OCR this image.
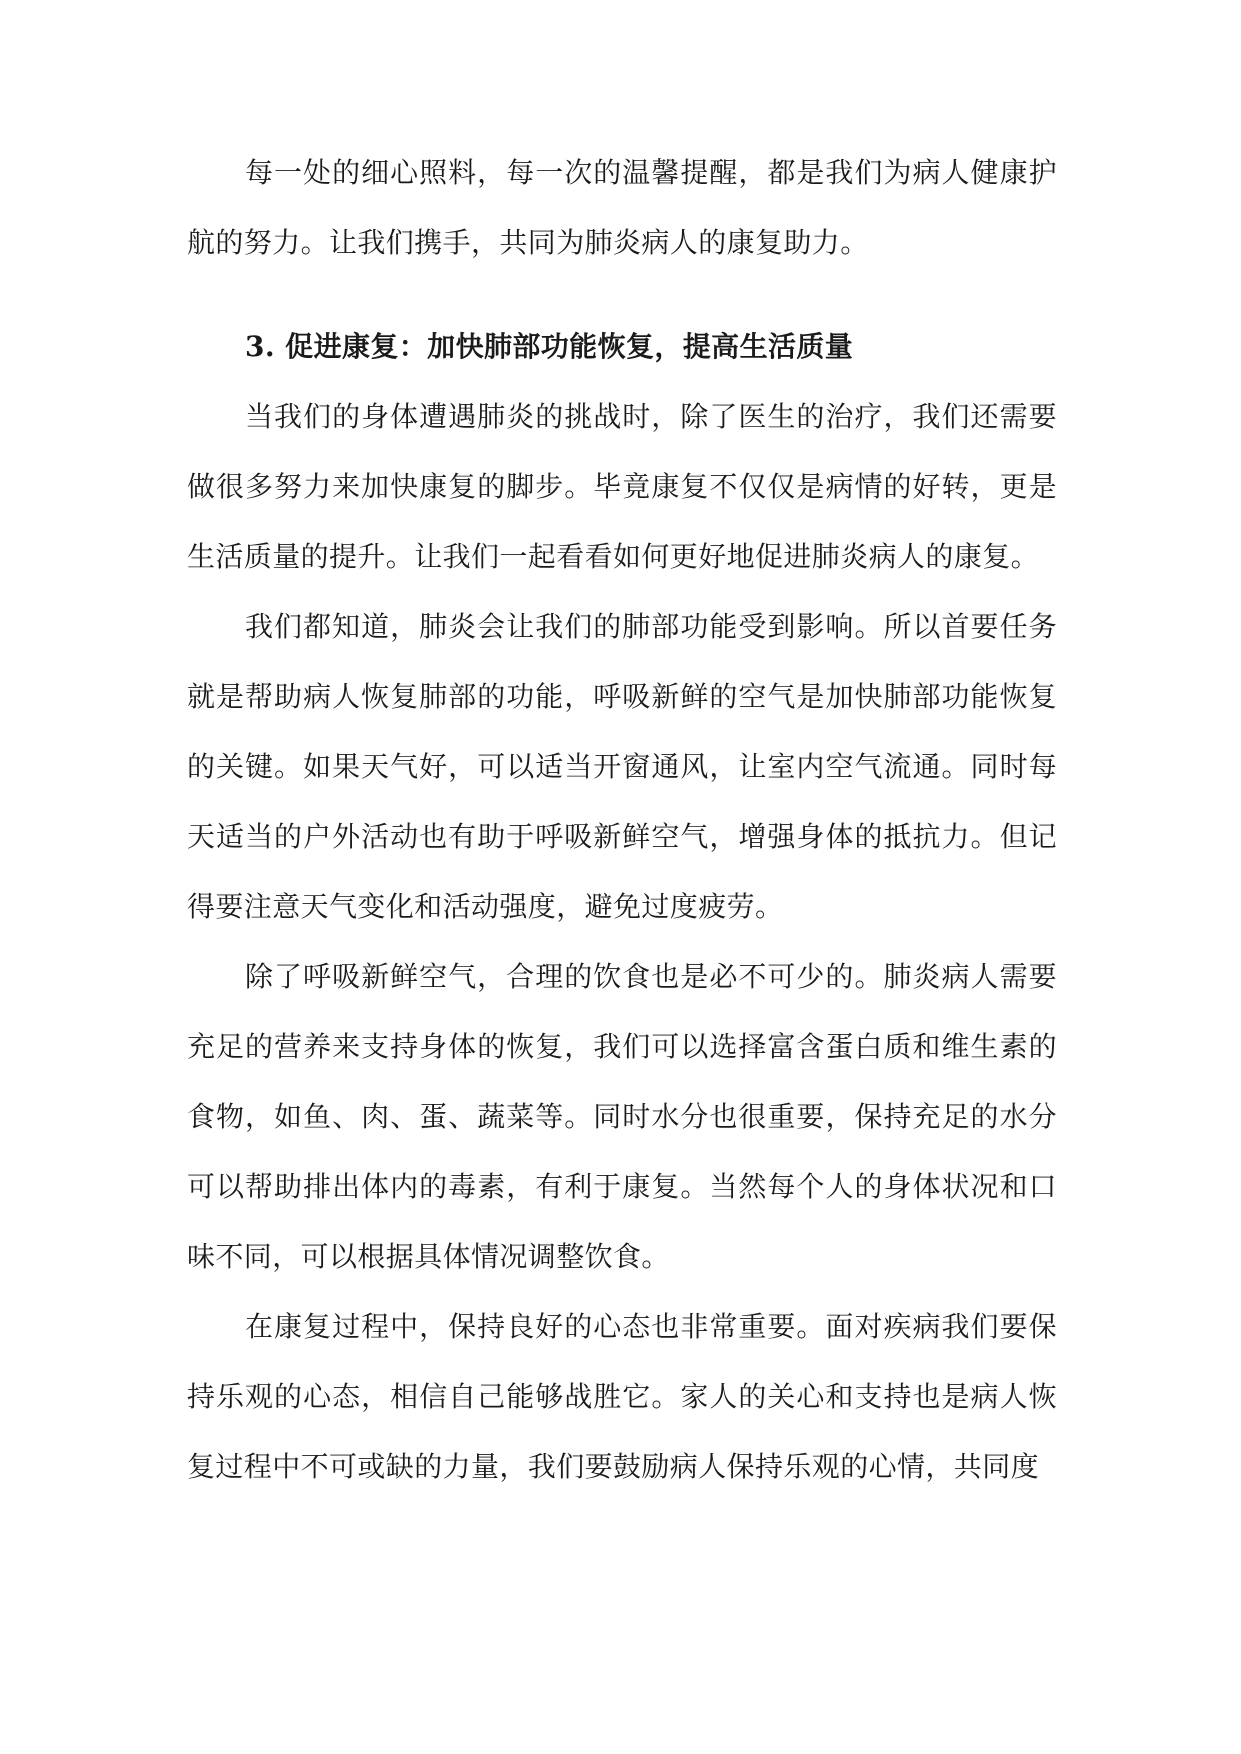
每一处的细心照料，每一次的温馨提醒，都是我们为病人健康护航的努力。让我们携手，共同为肺炎病人的康复助力。

3. 促进康复：加快肺部功能恢复，提高生活质量

当我们的身体遭遇肺炎的挑战时，除了医生的治疗，我们还需要做很多努力来加快康复的脚步。毕竟康复不仅仅是病情的好转，更是生活质量的提升。让我们一起看看如何更好地促进肺炎病人的康复。

我们都知道，肺炎会让我们的肺部功能受到影响。所以首要任务就是帮助病人恢复肺部的功能，呼吸新鲜的空气是加快肺部功能恢复的关键。如果天气好，可以适当开窗通风，让室内空气流通。同时每天适当的户外活动也有助于呼吸新鲜空气，增强身体的抵抗力。但记得要注意天气变化和活动强度，避免过度疲劳。

除了呼吸新鲜空气，合理的饮食也是必不可少的。肺炎病人需要充足的营养来支持身体的恢复，我们可以选择富含蛋白质和维生素的食物，如鱼、肉、蛋、蔬菜等。同时水分也很重要，保持充足的水分可以帮助排出体内的毒素，有利于康复。当然每个人的身体状况和口味不同，可以根据具体情况调整饮食。

在康复过程中，保持良好的心态也非常重要。面对疾病我们要保持乐观的心态，相信自己能够战胜它。家人的关心和支持也是病人恢复过程中不可或缺的力量，我们要鼓励病人保持乐观的心情，共同度
